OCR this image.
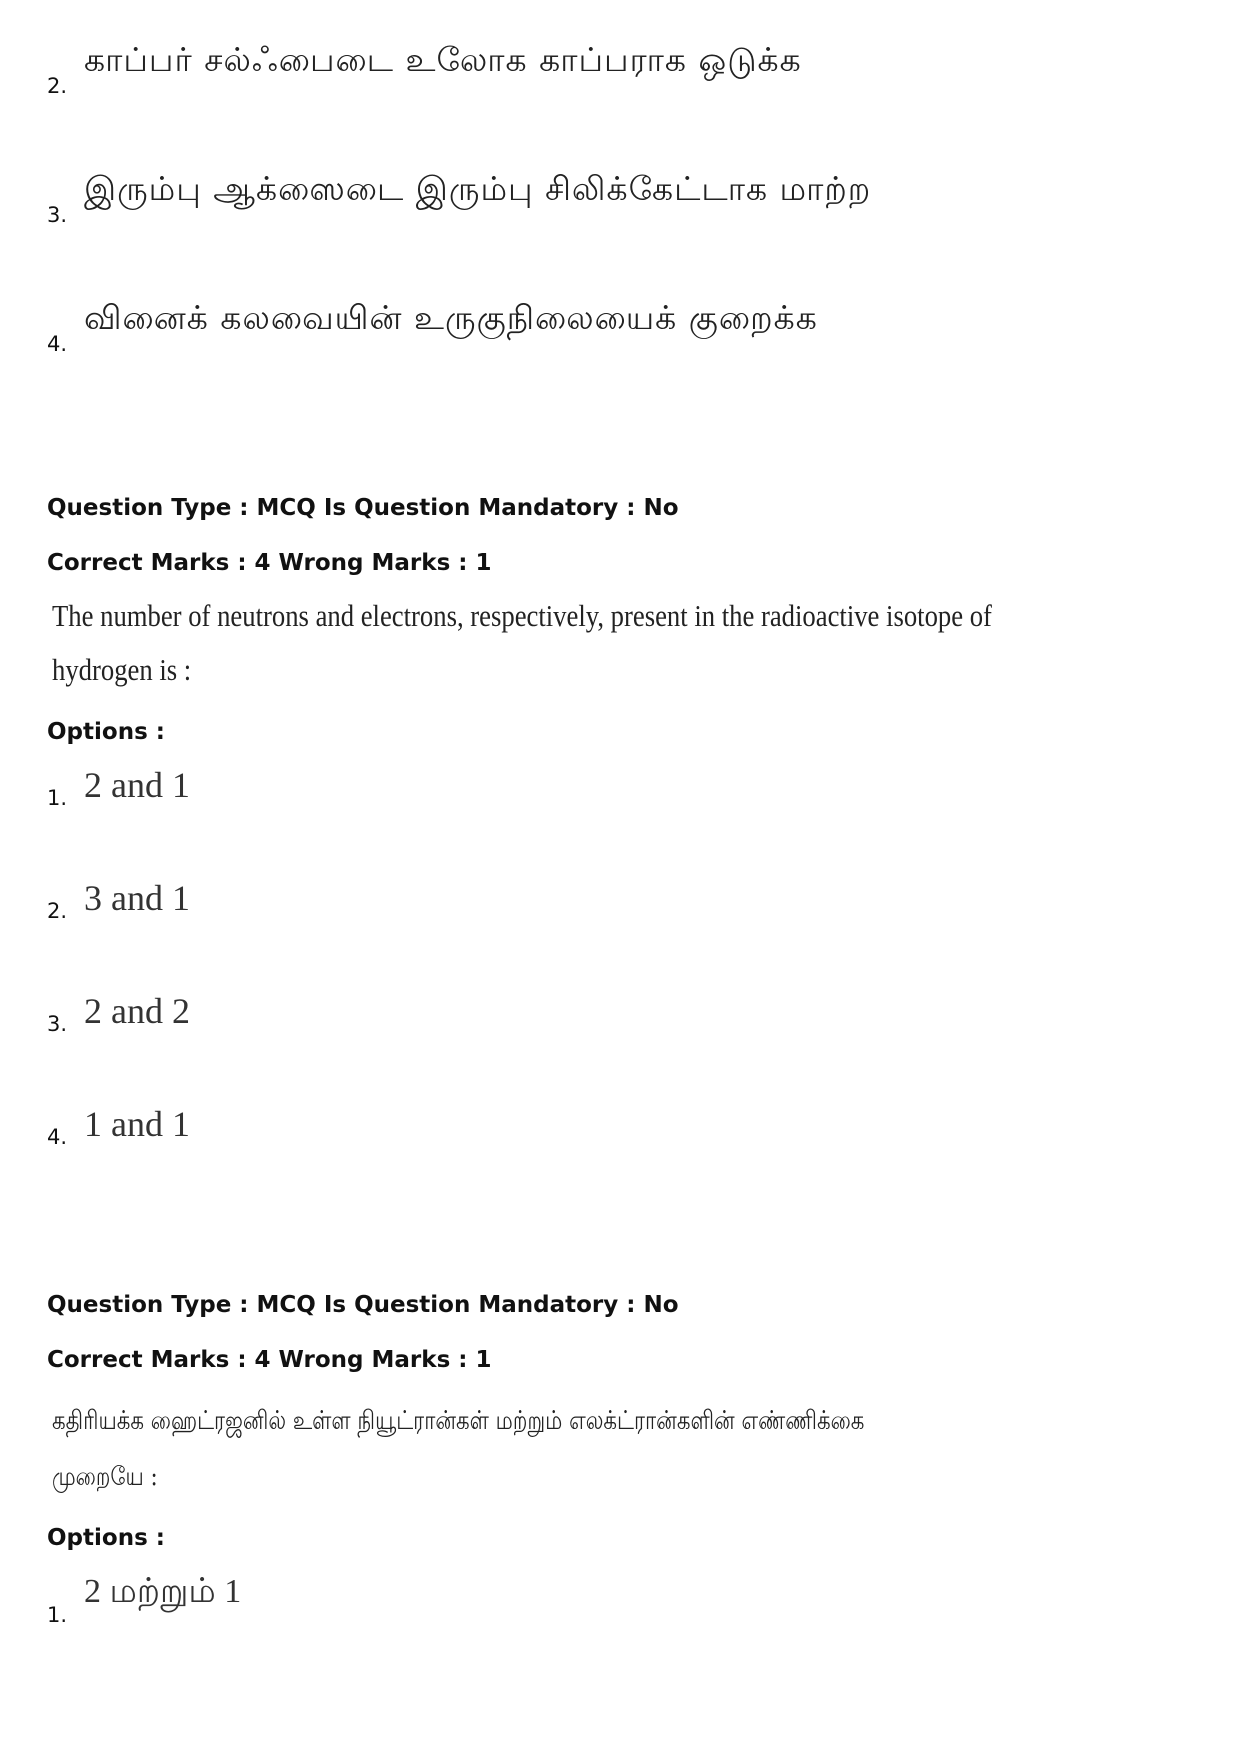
2.
காப்பர் சல்ஃபைடை உலோக காப்பராக ஒடுக்க
3.
இரும்பு ஆக்ஸைடை இரும்பு சிலிக்கேட்டாக மாற்ற
4.
வினைக் கலவையின் உருகுநிலையைக் குறைக்க
Question Type : MCQ Is Question Mandatory : No
Correct Marks : 4 Wrong Marks : 1
The number of neutrons and electrons, respectively, present in the radioactive isotope of
hydrogen is :
Options :
1. 2 and 1
2. 3 and 1
3. 2 and 2
4. 1 and 1
Question Type : MCQ Is Question Mandatory : No
Correct Marks : 4 Wrong Marks : 1
கதிரியக்க ஹைட்ரஜனில் உள்ள நியூட்ரான்கள் மற்றும் எலக்ட்ரான்களின் எண்ணிக்கை
முறையே :
Options :
1.
2 மற்றும் 1
